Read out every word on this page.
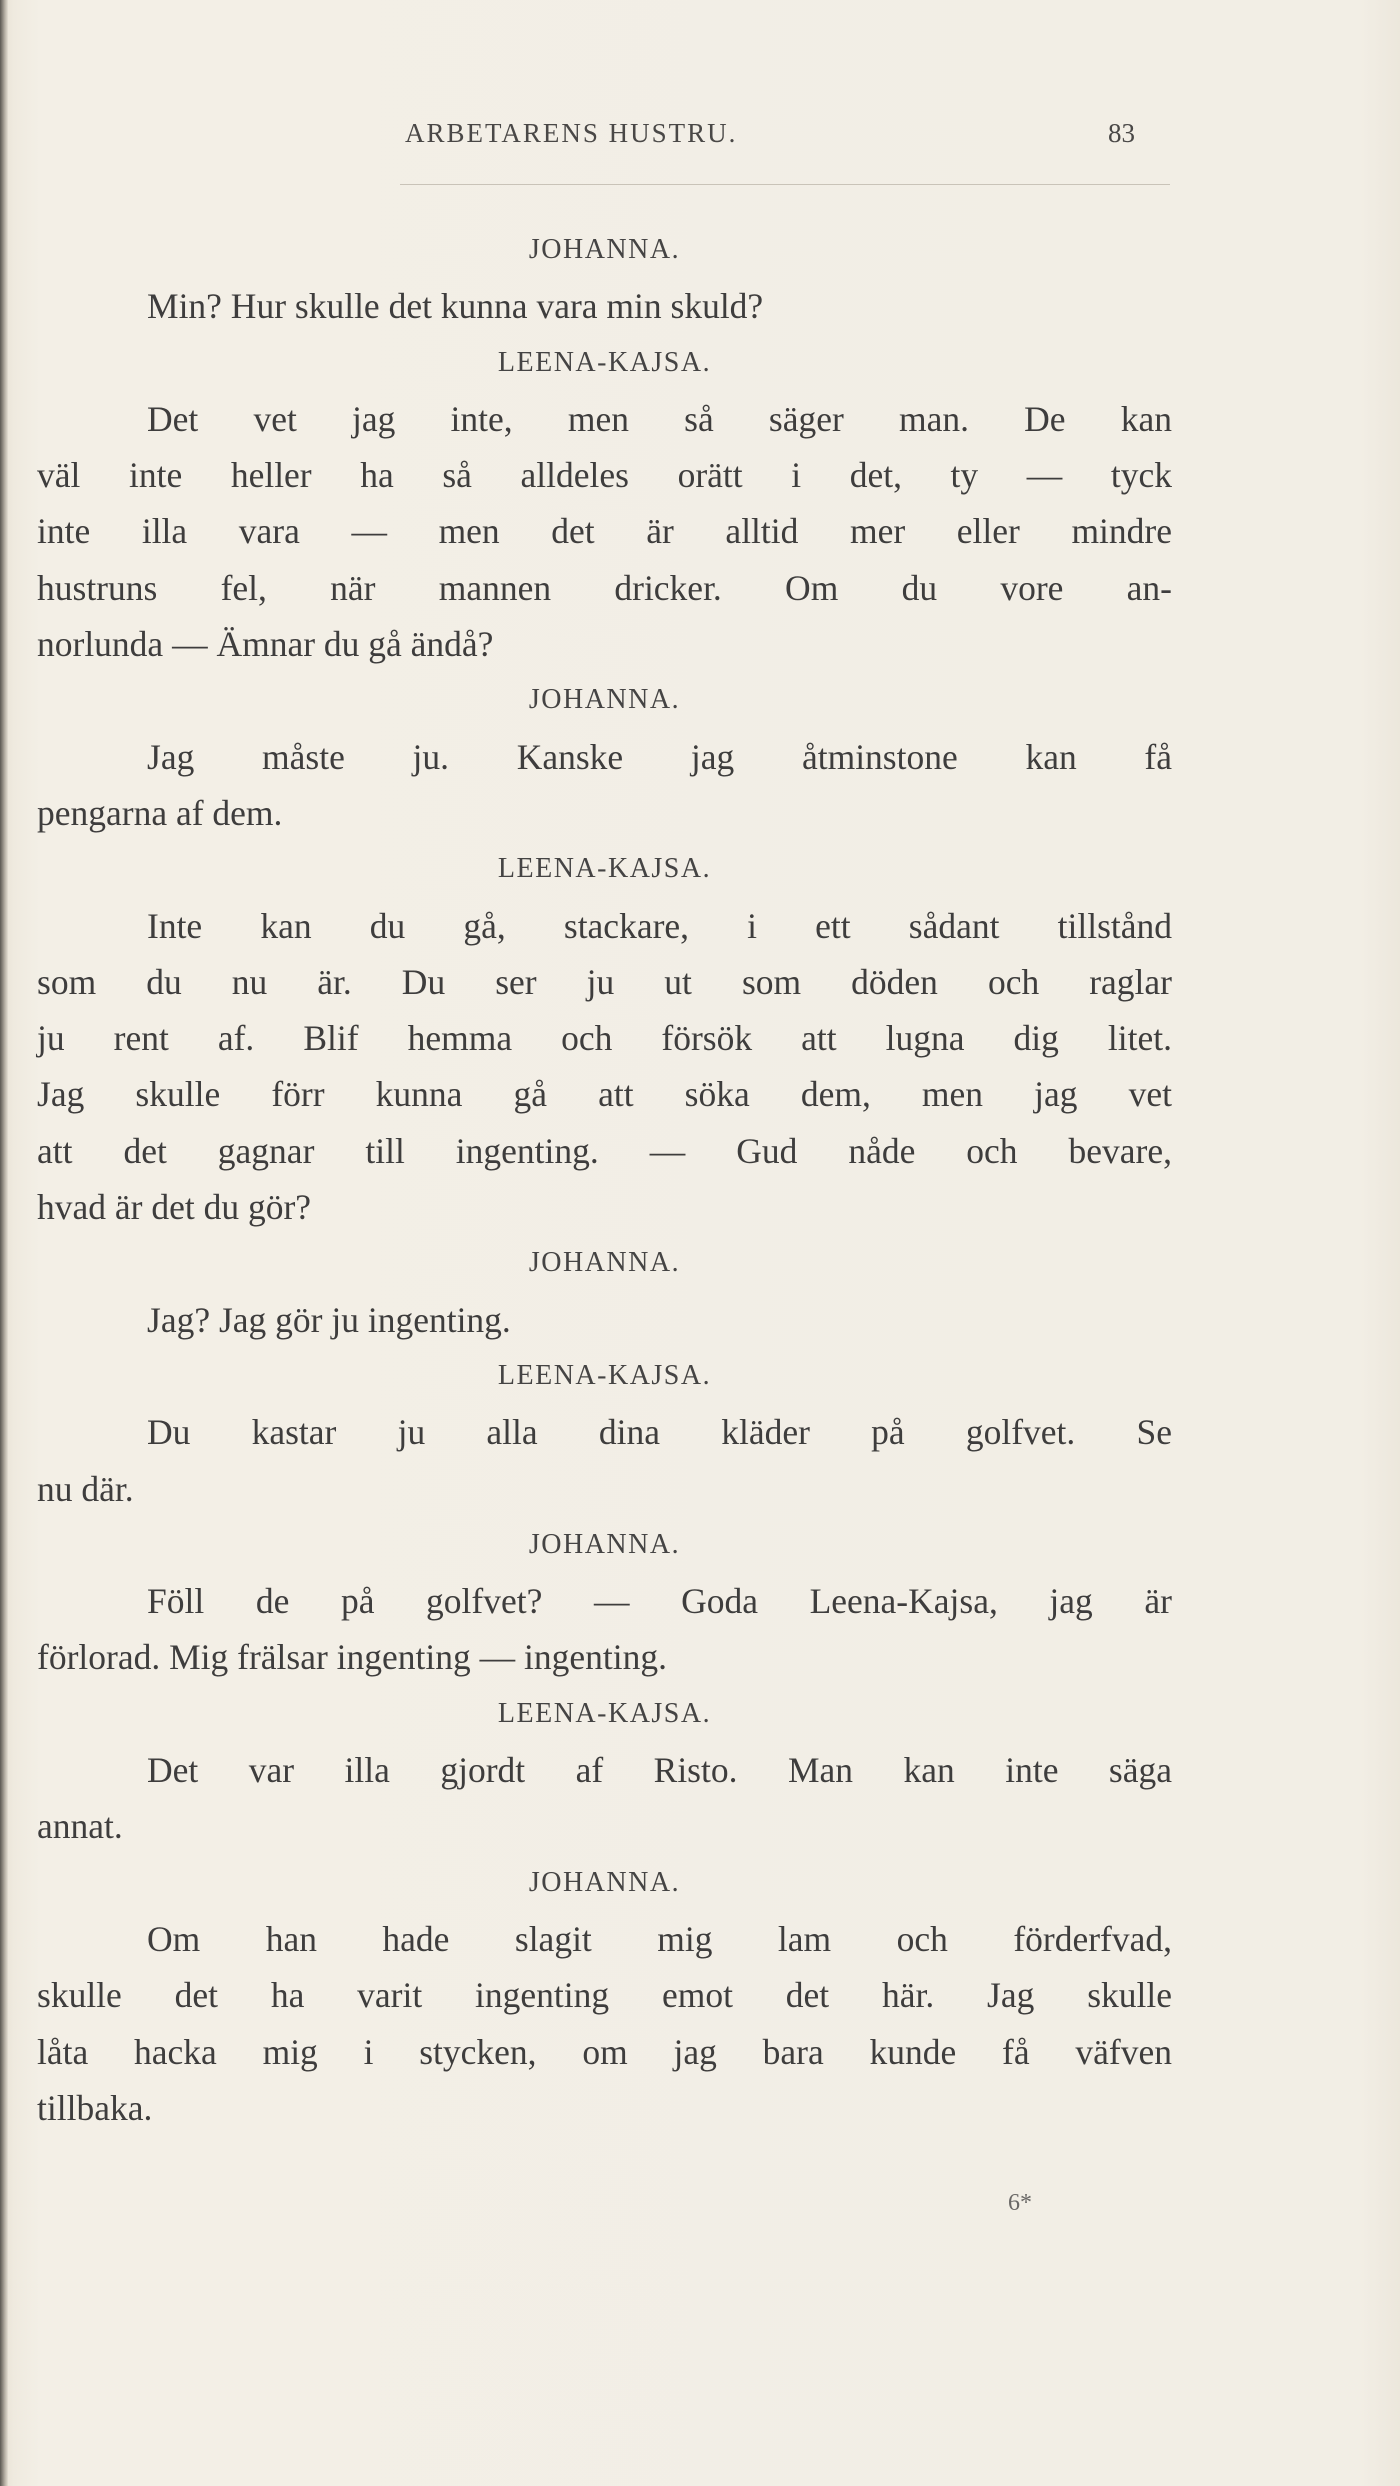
ARBETARENS HUSTRU.	83
JOHANNA.
Min? Hur skulle det kunna vara min skuld?
LEENA-KAJSA.
Det vet jag inte, men så säger man. De kan
väl inte heller ha så alldeles orätt i det, ty — tyck
inte illa vara — men det är alltid mer eller mindre
hustruns fel, när mannen dricker. Om du vore an-
norlunda — Ämnar du gå ändå?
JOHANNA.
Jag måste ju. Kanske jag åtminstone kan få
pengarna af dem.
LEENA-KAJSA.
Inte kan du gå, stackare, i ett sådant tillstånd
som du nu är. Du ser ju ut som döden och raglar
ju rent af. Blif hemma och försök att lugna dig litet.
Jag skulle förr kunna gå att söka dem, men jag vet
att det gagnar till ingenting. — Gud nåde och bevare,
hvad är det du gör?
JOHANNA.
Jag? Jag gör ju ingenting.
LEENA-KAJSA.
Du kastar ju alla dina kläder på golfvet. Se
nu där.
JOHANNA.
Föll de på golfvet? — Goda Leena-Kajsa, jag är
förlorad. Mig frälsar ingenting — ingenting.
LEENA-KAJSA.
Det var illa gjordt af Risto. Man kan inte säga
annat.
JOHANNA.
Om han hade slagit mig lam och förderfvad,
skulle det ha varit ingenting emot det här. Jag skulle
låta hacka mig i stycken, om jag bara kunde få väfven
tillbaka.
6*
